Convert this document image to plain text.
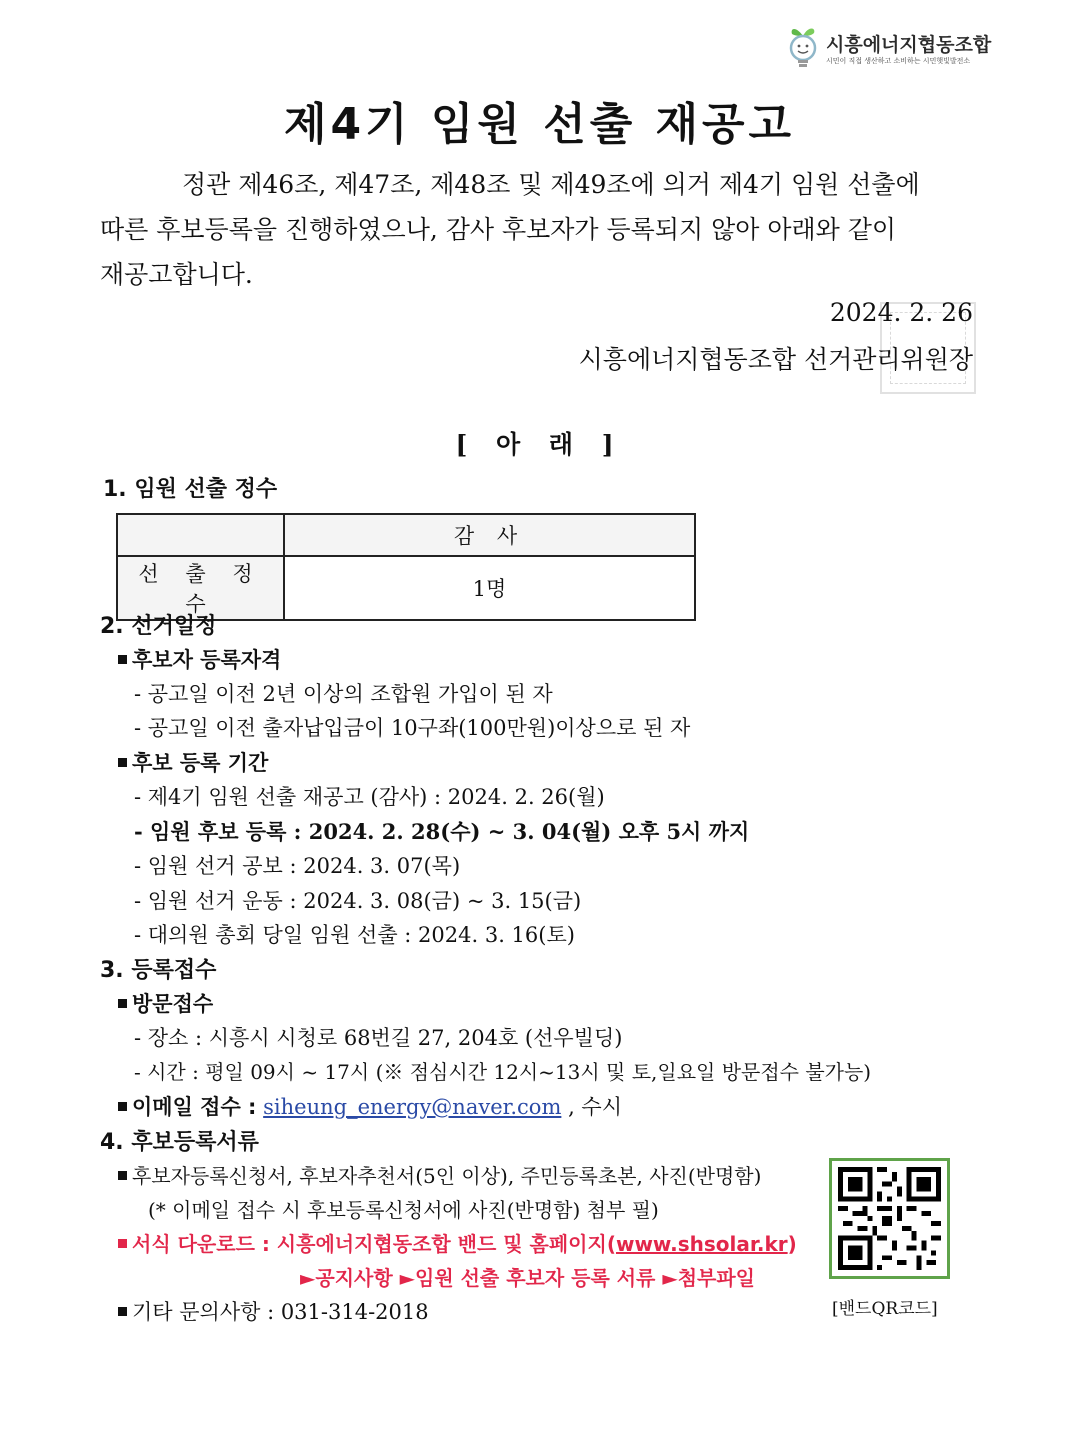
시흥에너지협동조합
시민이 직접 생산하고 소비하는 시민햇빛발전소
제4기 임원 선출 재공고
정관 제46조, 제47조, 제48조 및 제49조에 의거 제4기 임원 선출에
따른 후보등록을 진행하였으나, 감사 후보자가 등록되지 않아 아래와 같이
재공고합니다.
2024. 2. 26
시흥에너지협동조합 선거관리위원장
[ 아 래 ]
1. 임원 선출 정수
	감 사
선 출 정 수	1명
2. 선거일정
후보자 등록자격
- 공고일 이전 2년 이상의 조합원 가입이 된 자
- 공고일 이전 출자납입금이 10구좌(100만원)이상으로 된 자
후보 등록 기간
- 제4기 임원 선출 재공고 (감사) : 2024. 2. 26(월)
- 임원 후보 등록 : 2024. 2. 28(수) ~ 3. 04(월) 오후 5시 까지
- 임원 선거 공보 : 2024. 3. 07(목)
- 임원 선거 운동 : 2024. 3. 08(금) ~ 3. 15(금)
- 대의원 총회 당일 임원 선출 : 2024. 3. 16(토)
3. 등록접수
방문접수
- 장소 : 시흥시 시청로 68번길 27, 204호 (선우빌딩)
- 시간 : 평일 09시 ~ 17시 (※ 점심시간 12시~13시 및 토,일요일 방문접수 불가능)
이메일 접수 : siheung_energy@naver.com , 수시
4. 후보등록서류
후보자등록신청서, 후보자추천서(5인 이상), 주민등록초본, 사진(반명함)
(* 이메일 접수 시 후보등록신청서에 사진(반명함) 첨부 필)
서식 다운로드 : 시흥에너지협동조합 밴드 및 홈페이지(www.shsolar.kr)
►공지사항 ►임원 선출 후보자 등록 서류 ►첨부파일
기타 문의사항 : 031-314-2018	[밴드QR코드]
